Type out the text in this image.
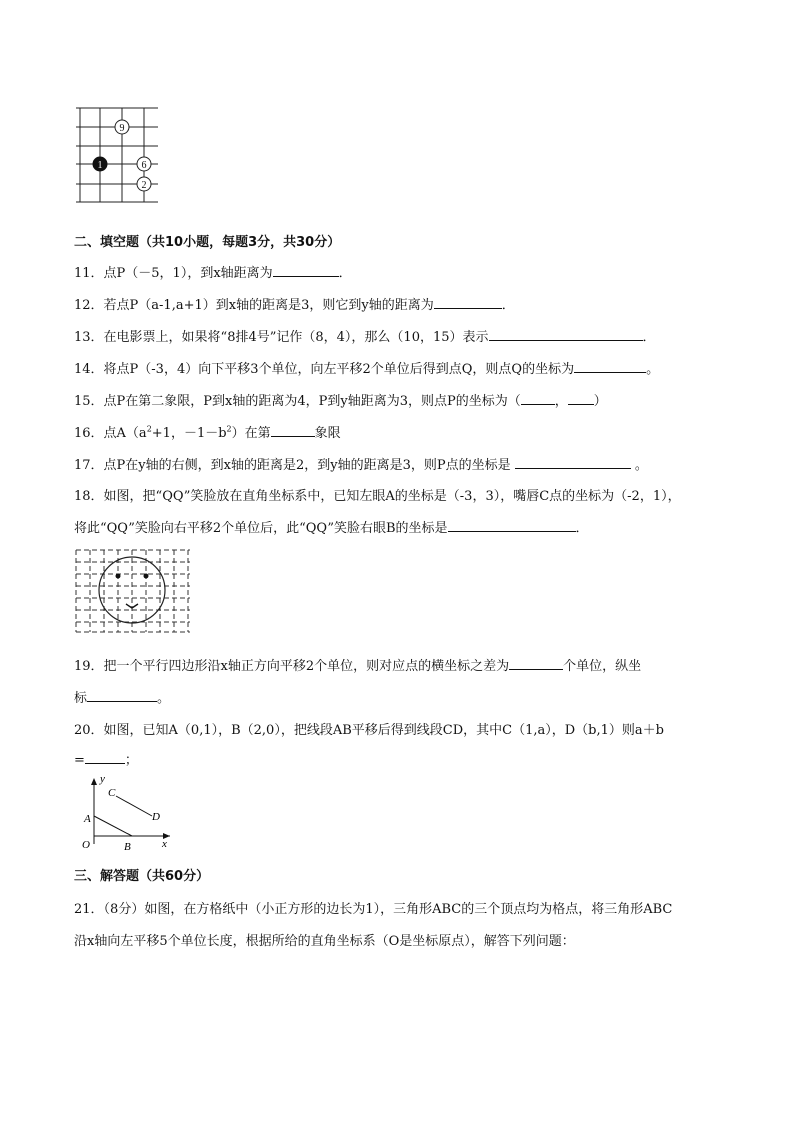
9
1	6
2
二、填空题（共10小题，每题3分，共30分）
11．点P（－5，1），到x轴距离为	．
12．若点P（a-1,a+1）到x轴的距离是3，则它到y轴的距离为	．
13．在电影票上，如果将“8排4号”记作（8，4），那么（10，15）表示	．
14．将点P（-3，4）向下平移3个单位，向左平移2个单位后得到点Q，则点Q的坐标为	。
15．点P在第二象限，P到x轴的距离为4，P到y轴距离为3，则点P的坐标为（	， ）
16．点$A(a^2+1$，$-1-b^2$）在第	象限
17．点P在y轴的右侧，到x轴的距离是2，到y轴的距离是3，则P点的坐标是	。
18．如图，把“QQ”笑脸放在直角坐标系中，已知左眼A的坐标是（-3，3），嘴唇C点的坐标为（-2，1），
将此“QQ”笑脸向右平移2个单位后，此“QQ”笑脸右眼B的坐标是	．
19．把一个平行四边形沿x轴正方向平移2个单位，则对应点的横坐标之差为	个单位，纵坐
标	。
20．如图，已知A（0,1），B（2,0），把线段AB平移后得到线段CD，其中C（1,a），D（b,1）则a＋b
=	；
y
x
O
A
B
C
D
三、解答题（共60分）
21．（8分）如图，在方格纸中（小正方形的边长为1），三角形ABC的三个顶点均为格点，将三角形ABC
沿x轴向左平移5个单位长度，根据所给的直角坐标系（O是坐标原点），解答下列问题：
